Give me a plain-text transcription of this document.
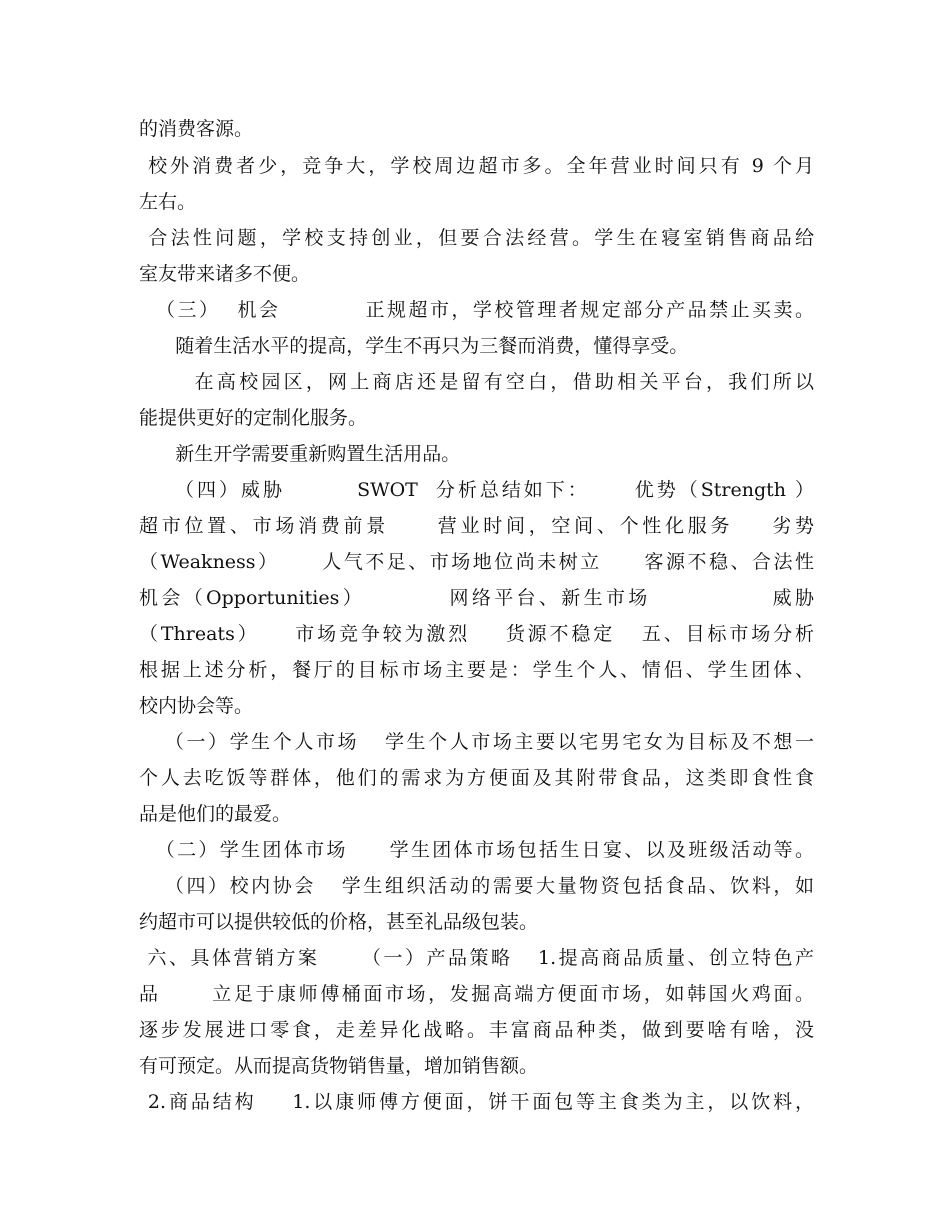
的消费客源。
校外消费者少，竞争大，学校周边超市多。全年营业时间只有 9 个月
左右。
合法性问题，学校支持创业，但要合法经营。学生在寝室销售商品给
室友带来诸多不便。
（三）  机会          正规超市，学校管理者规定部分产品禁止买卖。
随着生活水平的提高，学生不再只为三餐而消费，懂得享受。
在高校园区，网上商店还是留有空白，借助相关平台，我们所以
能提供更好的定制化服务。
新生开学需要重新购置生活用品。
（四）威胁        SWOT  分析总结如下：     优势（Strength ）
超市位置、市场消费前景     营业时间，空间、个性化服务    劣势
（Weakness）     人气不足、市场地位尚未树立     客源不稳、合法性
机会（Opportunities）         网络平台、新生市场             威胁
（Threats）    市场竞争较为激烈    货源不稳定   五、目标市场分析
根据上述分析，餐厅的目标市场主要是：学生个人、情侣、学生团体、
校内协会等。
（一）学生个人市场   学生个人市场主要以宅男宅女为目标及不想一
个人去吃饭等群体，他们的需求为方便面及其附带食品，这类即食性食
品是他们的最爱。
（二）学生团体市场     学生团体市场包括生日宴、以及班级活动等。
（四）校内协会   学生组织活动的需要大量物资包括食品、饮料，如
约超市可以提供较低的价格，甚至礼品级包装。
六、具体营销方案     （一）产品策略   1.提高商品质量、创立特色产
品      立足于康师傅桶面市场，发掘高端方便面市场，如韩国火鸡面。
逐步发展进口零食，走差异化战略。丰富商品种类，做到要啥有啥，没
有可预定。从而提高货物销售量，增加销售额。
2.商品结构    1.以康师傅方便面，饼干面包等主食类为主，以饮料，
